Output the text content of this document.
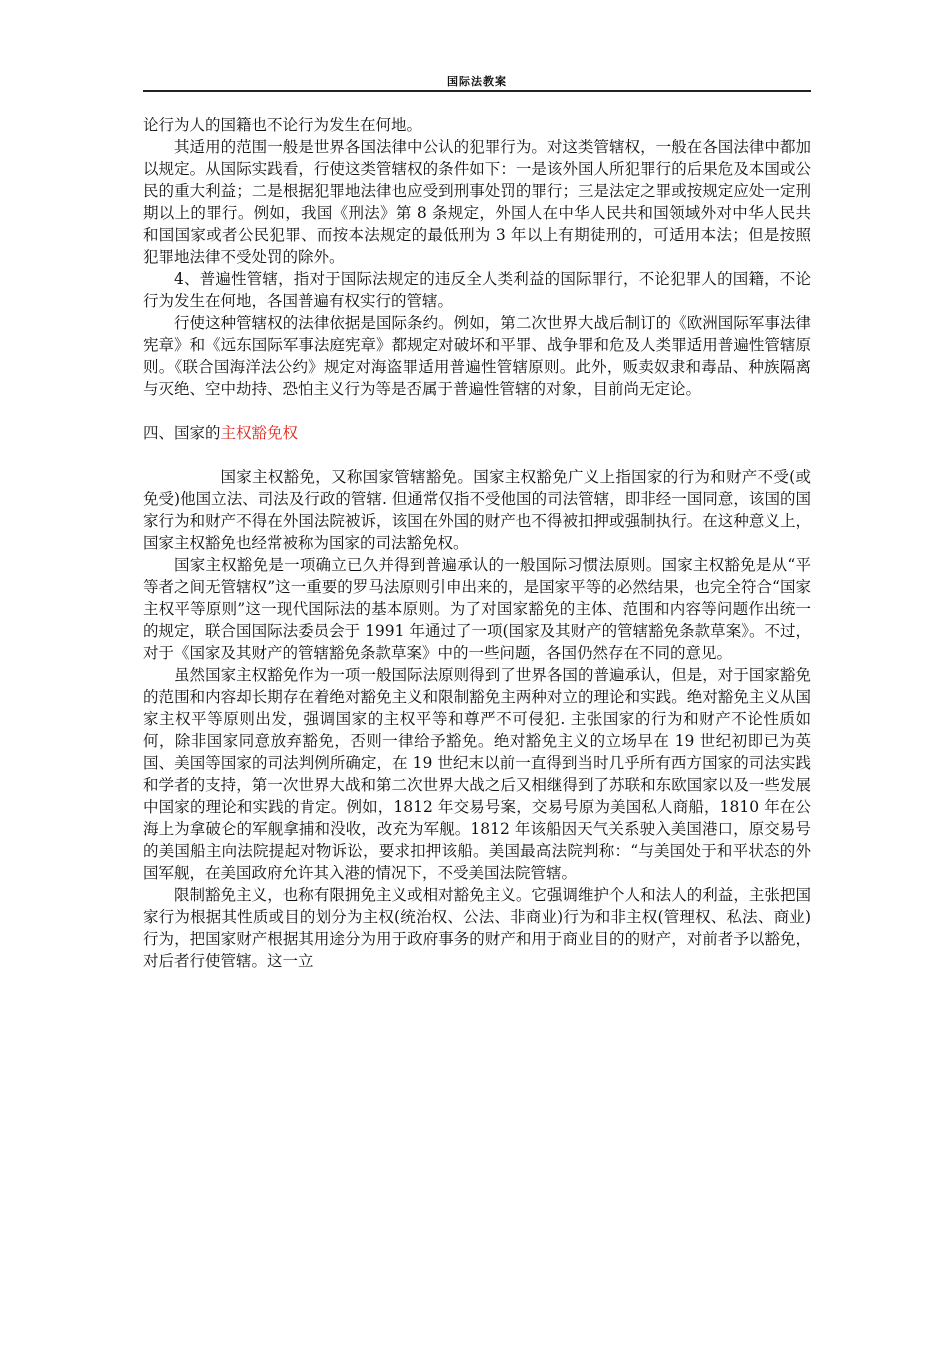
国际法教案

论行为人的国籍也不论行为发生在何地。

其适用的范围一般是世界各国法律中公认的犯罪行为。对这类管辖权，一般在各国法律中都加以规定。从国际实践看，行使这类管辖权的条件如下：一是该外国人所犯罪行的后果危及本国或公民的重大利益；二是根据犯罪地法律也应受到刑事处罚的罪行；三是法定之罪或按规定应处一定刑期以上的罪行。例如，我国《刑法》第 8 条规定，外国人在中华人民共和国领域外对中华人民共和国国家或者公民犯罪、而按本法规定的最低刑为 3 年以上有期徒刑的，可适用本法；但是按照犯罪地法律不受处罚的除外。

4、普遍性管辖，指对于国际法规定的违反全人类利益的国际罪行，不论犯罪人的国籍，不论行为发生在何地，各国普遍有权实行的管辖。

行使这种管辖权的法律依据是国际条约。例如，第二次世界大战后制订的《欧洲国际军事法律宪章》和《远东国际军事法庭宪章》都规定对破坏和平罪、战争罪和危及人类罪适用普遍性管辖原则。《联合国海洋法公约》规定对海盗罪适用普遍性管辖原则。此外，贩卖奴隶和毒品、种族隔离与灭绝、空中劫持、恐怕主义行为等是否属于普遍性管辖的对象，目前尚无定论。

四、国家的主权豁免权

国家主权豁免，又称国家管辖豁免。国家主权豁免广义上指国家的行为和财产不受(或免受)他国立法、司法及行政的管辖. 但通常仅指不受他国的司法管辖，即非经一国同意，该国的国家行为和财产不得在外国法院被诉，该国在外国的财产也不得被扣押或强制执行。在这种意义上，国家主权豁免也经常被称为国家的司法豁免权。

国家主权豁免是一项确立已久并得到普遍承认的一般国际习惯法原则。国家主权豁免是从“平等者之间无管辖权”这一重要的罗马法原则引申出来的，是国家平等的必然结果，也完全符合“国家主权平等原则”这一现代国际法的基本原则。为了对国家豁免的主体、范围和内容等问题作出统一的规定，联合国国际法委员会于 1991 年通过了一项(国家及其财产的管辖豁免条款草案》。不过，对于《国家及其财产的管辖豁免条款草案》中的一些问题，各国仍然存在不同的意见。

虽然国家主权豁免作为一项一般国际法原则得到了世界各国的普遍承认，但是，对于国家豁免的范围和内容却长期存在着绝对豁免主义和限制豁免主两种对立的理论和实践。绝对豁免主义从国家主权平等原则出发，强调国家的主权平等和尊严不可侵犯. 主张国家的行为和财产不论性质如何，除非国家同意放弃豁免，否则一律给予豁免。绝对豁免主义的立场早在 19 世纪初即已为英国、美国等国家的司法判例所确定，在 19 世纪末以前一直得到当时几乎所有西方国家的司法实践和学者的支持，第一次世界大战和第二次世界大战之后又相继得到了苏联和东欧国家以及一些发展中国家的理论和实践的肯定。例如，1812 年交易号案，交易号原为美国私人商船，1810 年在公海上为拿破仑的军舰拿捕和没收，改充为军舰。1812 年该船因天气关系驶入美国港口，原交易号的美国船主向法院提起对物诉讼，要求扣押该船。美国最高法院判称：“与美国处于和平状态的外国军舰，在美国政府允许其入港的情况下，不受美国法院管辖。

限制豁免主义，也称有限拥免主义或相对豁免主义。它强调维护个人和法人的利益，主张把国家行为根据其性质或目的划分为主权(统治权、公法、非商业)行为和非主权(管理权、私法、商业)行为，把国家财产根据其用途分为用于政府事务的财产和用于商业目的的财产，对前者予以豁免，对后者行使管辖。这一立
